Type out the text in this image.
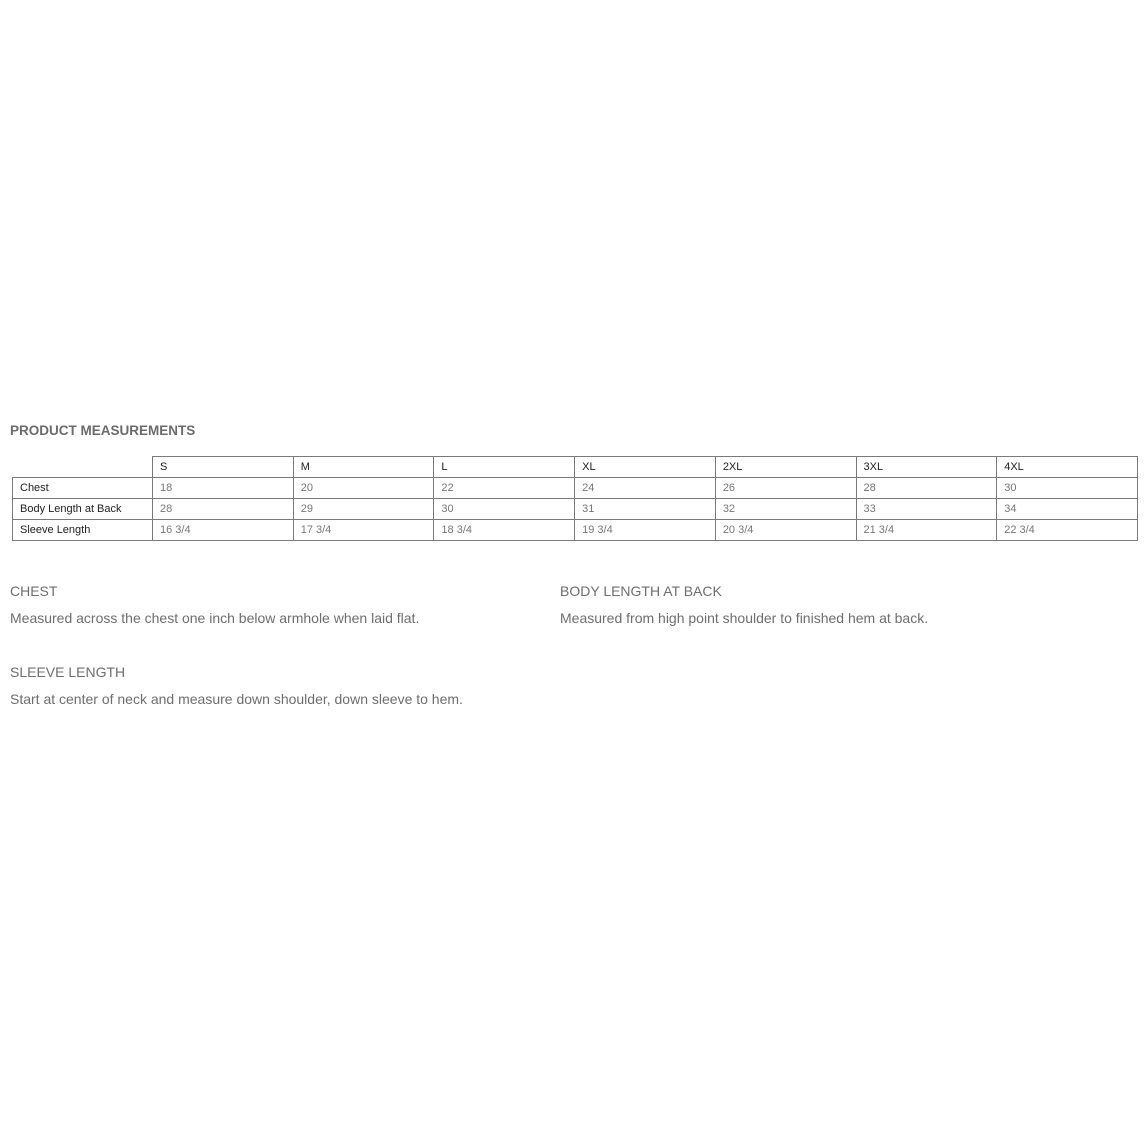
PRODUCT MEASUREMENTS
	S	M	L	XL	2XL	3XL	4XL
Chest	18	20	22	24	26	28	30
Body Length at Back	28	29	30	31	32	33	34
Sleeve Length	16 3/4	17 3/4	18 3/4	19 3/4	20 3/4	21 3/4	22 3/4
CHEST

Measured across the chest one inch below armhole when laid flat.

BODY LENGTH AT BACK

Measured from high point shoulder to finished hem at back.

SLEEVE LENGTH

Start at center of neck and measure down shoulder, down sleeve to hem.
